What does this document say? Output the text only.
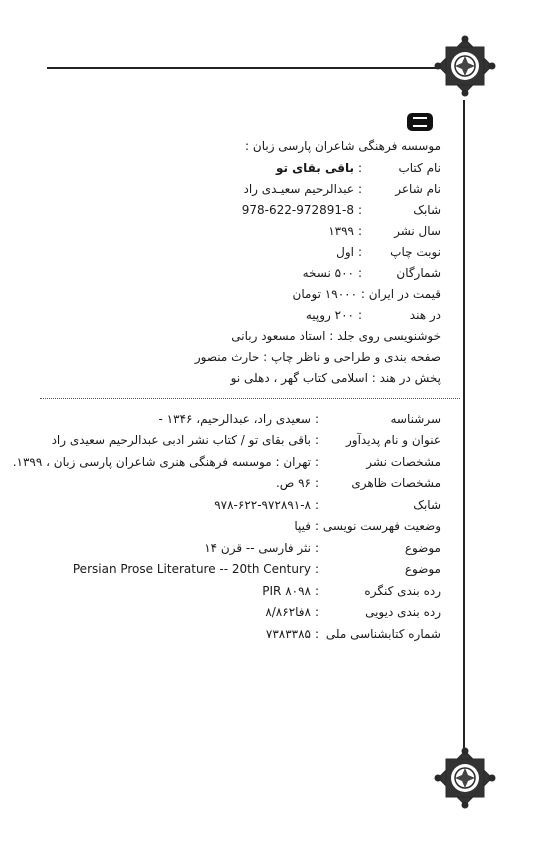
موسسه فرهنگی شاعران پارسی زبان :
نام کتاب
:
باقی بقای تو
نام شاعر
:
عبدالرحیم سعیـدی راد
شابک
:
978-622-972891-8
سال نشر
:
۱۳۹۹
نوبت چاپ
:
اول
شمارگان
:
۵۰۰ نسخه
قیمت در ایران : ۱۹۰۰۰ تومان
در هند
:
۲۰۰ روپیه
خوشنویسی روی جلد : استاد مسعود ربانی
صفحه بندی و طراحی و ناظر چاپ : حارث منصور
پخش در هند : اسلامی کتاب گهر ، دهلی نو
سرشناسه
:
سعیدی راد، عبدالرحیم، ۱۳۴۶ -
عنوان و نام پدیدآور
:
باقی بقای تو / کتاب نشر ادبی عبدالرحیم سعیدی راد
مشخصات نشر
:
تهران : موسسه فرهنگی هنری شاعران پارسی زبان ، ۱۳۹۹.
مشخصات ظاهری
:
۹۶ ص.
شابک
:
۹۷۸-۶۲۲-۹۷۲۸۹۱-۸
وضعیت فهرست نویسی
:
فیپا
موضوع
:
نثر فارسی -- قرن ۱۴
موضوع
:
Persian Prose Literature -- 20th Century
رده بندی کنگره
:
PIR ۸۰۹۸
رده بندی دیویی
:
۸فا۸/۸۶۲
شماره کتابشناسی ملی
:
۷۳۸۳۳۸۵
